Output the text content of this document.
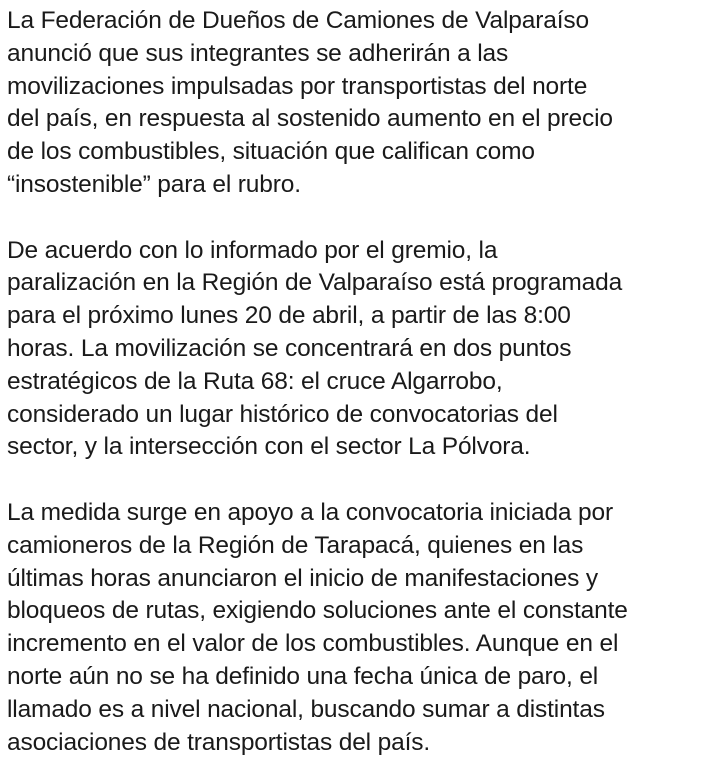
La Federación de Dueños de Camiones de Valparaíso
anunció que sus integrantes se adherirán a las
movilizaciones impulsadas por transportistas del norte
del país, en respuesta al sostenido aumento en el precio
de los combustibles, situación que califican como
“insostenible” para el rubro.

De acuerdo con lo informado por el gremio, la
paralización en la Región de Valparaíso está programada
para el próximo lunes 20 de abril, a partir de las 8:00
horas. La movilización se concentrará en dos puntos
estratégicos de la Ruta 68: el cruce Algarrobo,
considerado un lugar histórico de convocatorias del
sector, y la intersección con el sector La Pólvora.

La medida surge en apoyo a la convocatoria iniciada por
camioneros de la Región de Tarapacá, quienes en las
últimas horas anunciaron el inicio de manifestaciones y
bloqueos de rutas, exigiendo soluciones ante el constante
incremento en el valor de los combustibles. Aunque en el
norte aún no se ha definido una fecha única de paro, el
llamado es a nivel nacional, buscando sumar a distintas
asociaciones de transportistas del país.
